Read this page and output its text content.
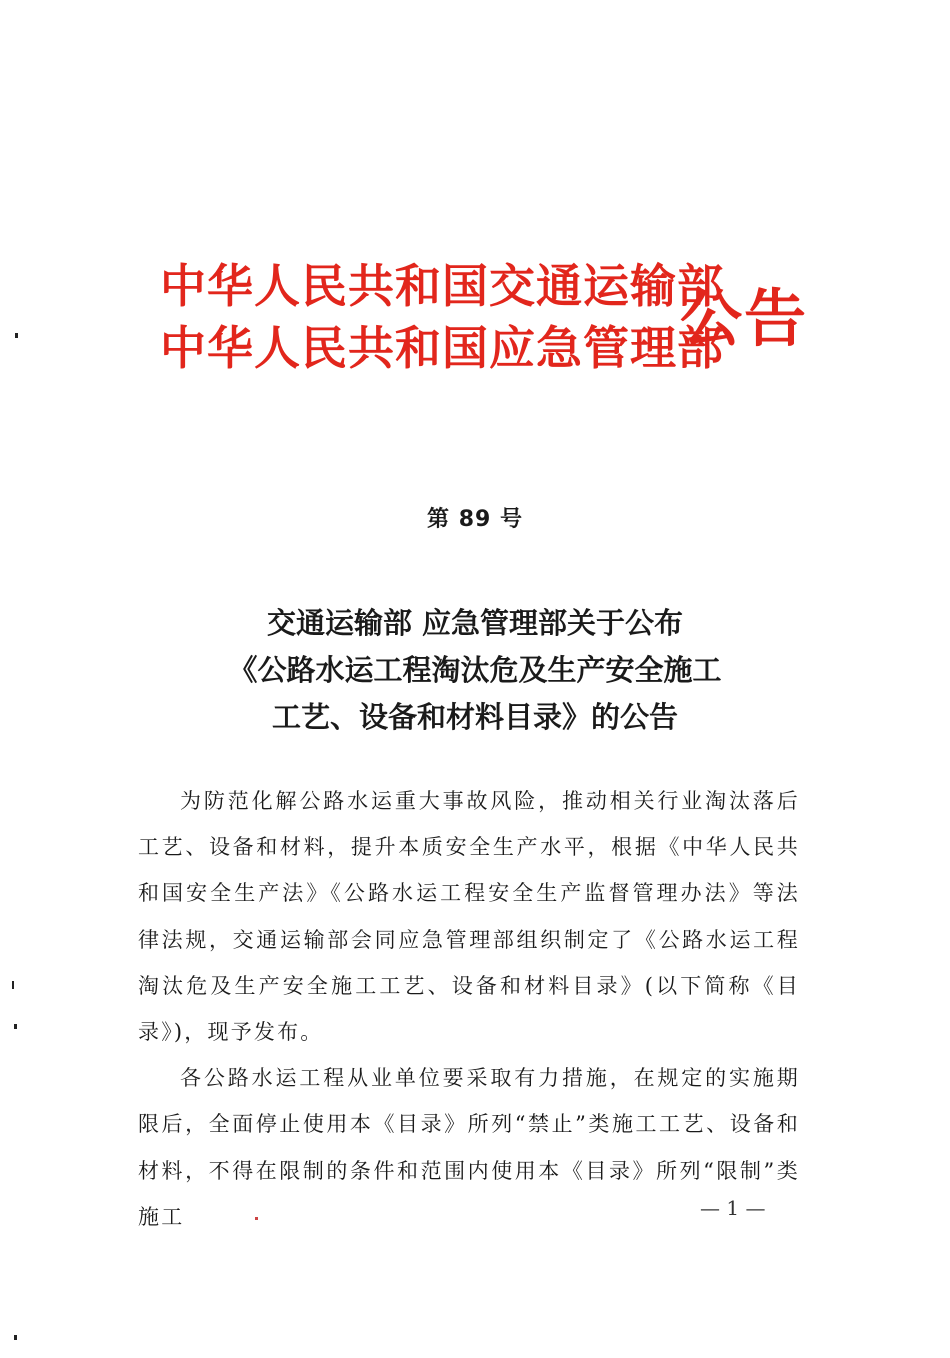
中华人民共和国交通运输部
中华人民共和国应急管理部
公告
第 89 号
交通运输部 应急管理部关于公布
《公路水运工程淘汰危及生产安全施工
工艺、设备和材料目录》的公告

为防范化解公路水运重大事故风险，推动相关行业淘汰落后工艺、设备和材料，提升本质安全生产水平，根据《中华人民共和国安全生产法》《公路水运工程安全生产监督管理办法》等法律法规，交通运输部会同应急管理部组织制定了《公路水运工程淘汰危及生产安全施工工艺、设备和材料目录》(以下简称《目录》)，现予发布。

各公路水运工程从业单位要采取有力措施，在规定的实施期限后，全面停止使用本《目录》所列“禁止”类施工工艺、设备和材料，不得在限制的条件和范围内使用本《目录》所列“限制”类施工	— 1 —
